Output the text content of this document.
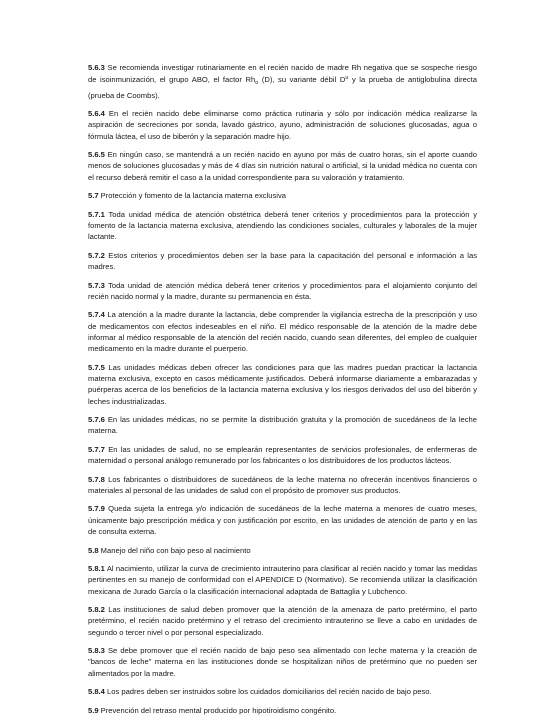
5.6.3 Se recomienda investigar rutinariamente en el recién nacido de madre Rh negativa que se sospeche riesgo de isoinmunización, el grupo ABO, el factor $Rh_o$ (D), su variante débil $D^u$ y la prueba de antiglobulina directa (prueba de Coombs).

5.6.4 En el recién nacido debe eliminarse como práctica rutinaria y sólo por indicación médica realizarse la aspiración de secreciones por sonda, lavado gástrico, ayuno, administración de soluciones glucosadas, agua o fórmula láctea, el uso de biberón y la separación madre hijo.

5.6.5 En ningún caso, se mantendrá a un recién nacido en ayuno por más de cuatro horas, sin el aporte cuando menos de soluciones glucosadas y más de 4 días sin nutrición natural o artificial, si la unidad médica no cuenta con el recurso deberá remitir el caso a la unidad correspondiente para su valoración y tratamiento.

5.7 Protección y fomento de la lactancia materna exclusiva

5.7.1 Toda unidad médica de atención obstétrica deberá tener criterios y procedimientos para la protección y fomento de la lactancia materna exclusiva, atendiendo las condiciones sociales, culturales y laborales de la mujer lactante.

5.7.2 Estos criterios y procedimientos deben ser la base para la capacitación del personal e información a las madres.

5.7.3 Toda unidad de atención médica deberá tener criterios y procedimientos para el alojamiento conjunto del recién nacido normal y la madre, durante su permanencia en ésta.

5.7.4 La atención a la madre durante la lactancia, debe comprender la vigilancia estrecha de la prescripción y uso de medicamentos con efectos indeseables en el niño. El médico responsable de la atención de la madre debe informar al médico responsable de la atención del recién nacido, cuando sean diferentes, del empleo de cualquier medicamento en la madre durante el puerperio.

5.7.5 Las unidades médicas deben ofrecer las condiciones para que las madres puedan practicar la lactancia materna exclusiva, excepto en casos médicamente justificados. Deberá informarse diariamente a embarazadas y puérperas acerca de los beneficios de la lactancia materna exclusiva y los riesgos derivados del uso del biberón y leches industrializadas.

5.7.6 En las unidades médicas, no se permite la distribución gratuita y la promoción de sucedáneos de la leche materna.

5.7.7 En las unidades de salud, no se emplearán representantes de servicios profesionales, de enfermeras de maternidad o personal análogo remunerado por los fabricantes o los distribuidores de los productos lácteos.

5.7.8 Los fabricantes o distribuidores de sucedáneos de la leche materna no ofrecerán incentivos financieros o materiales al personal de las unidades de salud con el propósito de promover sus productos.

5.7.9 Queda sujeta la entrega y/o indicación de sucedáneos de la leche materna a menores de cuatro meses, únicamente bajo prescripción médica y con justificación por escrito, en las unidades de atención de parto y en las de consulta externa.

5.8 Manejo del niño con bajo peso al nacimiento

5.8.1 Al nacimiento, utilizar la curva de crecimiento intrauterino para clasificar al recién nacido y tomar las medidas pertinentes en su manejo de conformidad con el APENDICE D (Normativo). Se recomienda utilizar la clasificación mexicana de Jurado García o la clasificación internacional adaptada de Battaglia y Lubchenco.

5.8.2 Las instituciones de salud deben promover que la atención de la amenaza de parto pretérmino, el parto pretérmino, el recién nacido pretérmino y el retraso del crecimiento intrauterino se lleve a cabo en unidades de segundo o tercer nivel o por personal especializado.

5.8.3 Se debe promover que el recién nacido de bajo peso sea alimentado con leche materna y la creación de "bancos de leche" materna en las instituciones donde se hospitalizan niños de pretérmino que no pueden ser alimentados por la madre.

5.8.4 Los padres deben ser instruidos sobre los cuidados domiciliarios del recién nacido de bajo peso.

5.9 Prevención del retraso mental producido por hipotiroidismo congénito.
